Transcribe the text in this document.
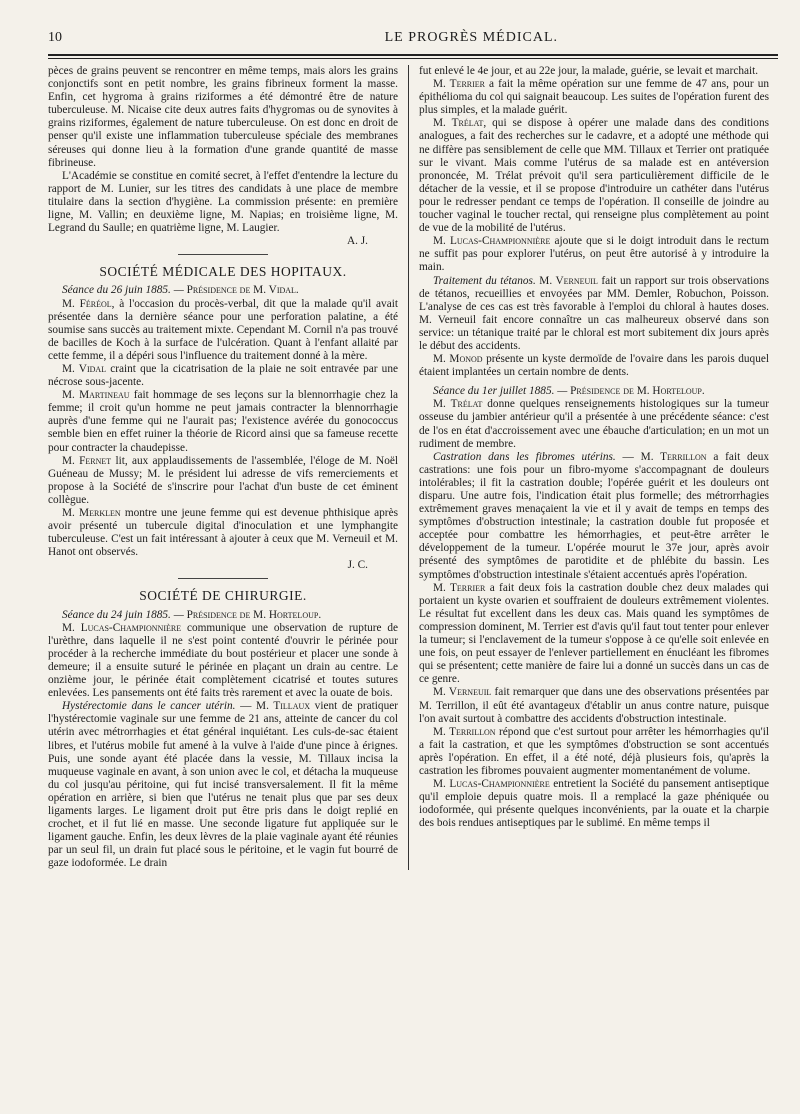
10	LE PROGRÈS MÉDICAL.

pèces de grains peuvent se rencontrer en même temps, mais alors les grains conjonctifs sont en petit nombre, les grains fibrineux forment la masse. Enfin, cet hygroma à grains riziformes a été démontré être de nature tuberculeuse. M. Nicaise cite deux autres faits d'hygromas ou de synovites à grains riziformes, également de nature tuberculeuse. On est donc en droit de penser qu'il existe une inflammation tuberculeuse spéciale des membranes séreuses qui donne lieu à la formation d'une grande quantité de masse fibrineuse.

L'Académie se constitue en comité secret, à l'effet d'entendre la lecture du rapport de M. Lunier, sur les titres des candidats à une place de membre titulaire dans la section d'hygiène. La commission présente: en première ligne, M. Vallin; en deuxième ligne, M. Napias; en troisième ligne, M. Legrand du Saulle; en quatrième ligne, M. Laugier.

A. J.
SOCIÉTÉ MÉDICALE DES HOPITAUX.

Séance du 26 juin 1885. — Présidence de M. Vidal.

M. Féréol, à l'occasion du procès-verbal, dit que la malade qu'il avait présentée dans la dernière séance pour une perforation palatine, a été soumise sans succès au traitement mixte. Cependant M. Cornil n'a pas trouvé de bacilles de Koch à la surface de l'ulcération. Quant à l'enfant allaité par cette femme, il a dépéri sous l'influence du traitement donné à la mère.

M. Vidal craint que la cicatrisation de la plaie ne soit entravée par une nécrose sous-jacente.

M. Martineau fait hommage de ses leçons sur la blennorrhagie chez la femme; il croit qu'un homme ne peut jamais contracter la blennorrhagie auprès d'une femme qui ne l'aurait pas; l'existence avérée du gonococcus semble bien en effet ruiner la théorie de Ricord ainsi que sa fameuse recette pour contracter la chaudepisse.

M. Fernet lit, aux applaudissements de l'assemblée, l'éloge de M. Noël Guéneau de Mussy; M. le président lui adresse de vifs remerciements et propose à la Société de s'inscrire pour l'achat d'un buste de cet éminent collègue.

M. Merklen montre une jeune femme qui est devenue phthisique après avoir présenté un tubercule digital d'inoculation et une lymphangite tuberculeuse. C'est un fait intéressant à ajouter à ceux que M. Verneuil et M. Hanot ont observés.

J. C.
SOCIÉTÉ DE CHIRURGIE.

Séance du 24 juin 1885. — Présidence de M. Horteloup.

M. Lucas-Championnière communique une observation de rupture de l'urèthre, dans laquelle il ne s'est point contenté d'ouvrir le périnée pour procéder à la recherche immédiate du bout postérieur et placer une sonde à demeure; il a ensuite suturé le périnée en plaçant un drain au centre. Le onzième jour, le périnée était complètement cicatrisé et toutes sutures enlevées. Les pansements ont été faits très rarement et avec la ouate de bois.

Hystérectomie dans le cancer utérin. — M. Tillaux vient de pratiquer l'hystérectomie vaginale sur une femme de 21 ans, atteinte de cancer du col utérin avec métrorrhagies et état général inquiétant. Les culs-de-sac étaient libres, et l'utérus mobile fut amené à la vulve à l'aide d'une pince à érignes. Puis, une sonde ayant été placée dans la vessie, M. Tillaux incisa la muqueuse vaginale en avant, à son union avec le col, et détacha la muqueuse du col jusqu'au péritoine, qui fut incisé transversalement. Il fit la même opération en arrière, si bien que l'utérus ne tenait plus que par ses deux ligaments larges. Le ligament droit put être pris dans le doigt replié en crochet, et il fut lié en masse. Une seconde ligature fut appliquée sur le ligament gauche. Enfin, les deux lèvres de la plaie vaginale ayant été réunies par un seul fil, un drain fut placé sous le péritoine, et le vagin fut bourré de gaze iodoformée. Le drain

fut enlevé le 4e jour, et au 22e jour, la malade, guérie, se levait et marchait.

M. Terrier a fait la même opération sur une femme de 47 ans, pour un épithélioma du col qui saignait beaucoup. Les suites de l'opération furent des plus simples, et la malade guérit.

M. Trélat, qui se dispose à opérer une malade dans des conditions analogues, a fait des recherches sur le cadavre, et a adopté une méthode qui ne diffère pas sensiblement de celle que MM. Tillaux et Terrier ont pratiquée sur le vivant. Mais comme l'utérus de sa malade est en antéversion prononcée, M. Trélat prévoit qu'il sera particulièrement difficile de le détacher de la vessie, et il se propose d'introduire un cathéter dans l'utérus pour le redresser pendant ce temps de l'opération. Il conseille de joindre au toucher vaginal le toucher rectal, qui renseigne plus complètement au point de vue de la mobilité de l'utérus.

M. Lucas-Championnière ajoute que si le doigt introduit dans le rectum ne suffit pas pour explorer l'utérus, on peut être autorisé à y introduire la main.

Traitement du tétanos. M. Verneuil fait un rapport sur trois observations de tétanos, recueillies et envoyées par MM. Demler, Robuchon, Poisson. L'analyse de ces cas est très favorable à l'emploi du chloral à hautes doses. M. Verneuil fait encore connaître un cas malheureux observé dans son service: un tétanique traité par le chloral est mort subitement dix jours après le début des accidents.

M. Monod présente un kyste dermoïde de l'ovaire dans les parois duquel étaient implantées un certain nombre de dents.

Séance du 1er juillet 1885. — Présidence de M. Horteloup.

M. Trélat donne quelques renseignements histologiques sur la tumeur osseuse du jambier antérieur qu'il a présentée à une précédente séance: c'est de l'os en état d'accroissement avec une ébauche d'articulation; en un mot un rudiment de membre.

Castration dans les fibromes utérins. — M. Terrillon a fait deux castrations: une fois pour un fibro-myome s'accompagnant de douleurs intolérables; il fit la castration double; l'opérée guérit et les douleurs ont disparu. Une autre fois, l'indication était plus formelle; des métrorrhagies extrêmement graves menaçaient la vie et il y avait de temps en temps des symptômes d'obstruction intestinale; la castration double fut proposée et acceptée pour combattre les hémorrhagies, et peut-être arrêter le développement de la tumeur. L'opérée mourut le 37e jour, après avoir présenté des symptômes de parotidite et de phlébite du bassin. Les symptômes d'obstruction intestinale s'étaient accentués après l'opération.

M. Terrier a fait deux fois la castration double chez deux malades qui portaient un kyste ovarien et souffraient de douleurs extrêmement violentes. Le résultat fut excellent dans les deux cas. Mais quand les symptômes de compression dominent, M. Terrier est d'avis qu'il faut tout tenter pour enlever la tumeur; si l'enclavement de la tumeur s'oppose à ce qu'elle soit enlevée en une fois, on peut essayer de l'enlever partiellement en énucléant les fibromes qui se présentent; cette manière de faire lui a donné un succès dans un cas de ce genre.

M. Verneuil fait remarquer que dans une des observations présentées par M. Terrillon, il eût été avantageux d'établir un anus contre nature, puisque l'on avait surtout à combattre des accidents d'obstruction intestinale.

M. Terrillon répond que c'est surtout pour arrêter les hémorrhagies qu'il a fait la castration, et que les symptômes d'obstruction se sont accentués après l'opération. En effet, il a été noté, déjà plusieurs fois, qu'après la castration les fibromes pouvaient augmenter momentanément de volume.

M. Lucas-Championnière entretient la Société du pansement antiseptique qu'il emploie depuis quatre mois. Il a remplacé la gaze phéniquée ou iodoformée, qui présente quelques inconvénients, par la ouate et la charpie des bois rendues antiseptiques par le sublimé. En même temps il
